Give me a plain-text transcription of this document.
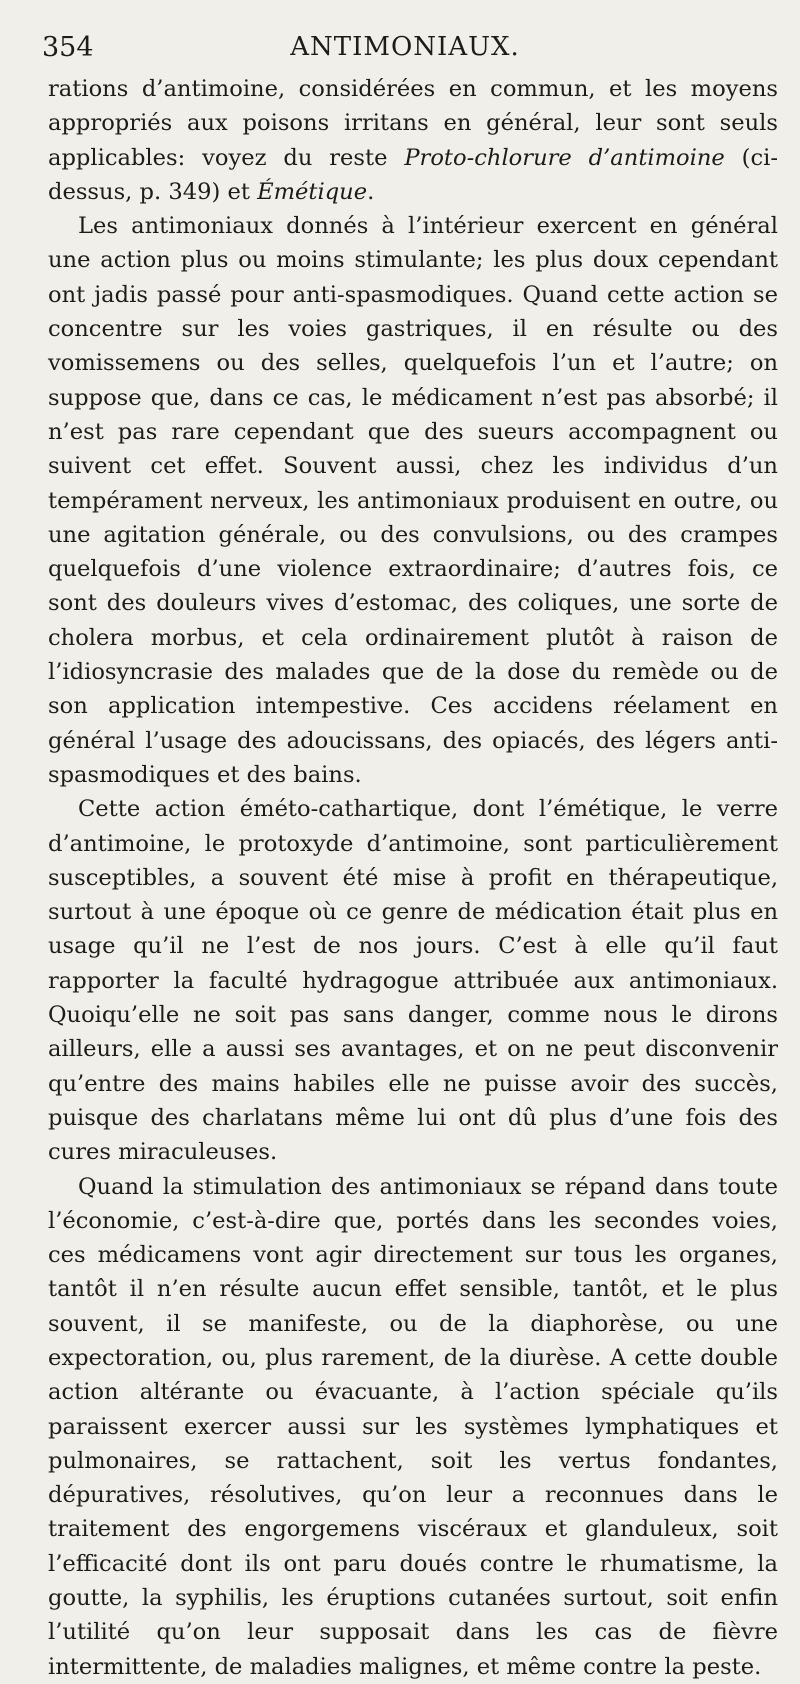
354	ANTIMONIAUX.

rations d’antimoine, considérées en commun, et les moyens appropriés aux poisons irritans en général, leur sont seuls applicables: voyez du reste Proto-chlorure d’antimoine (ci-dessus, p. 349) et Émétique.

Les antimoniaux donnés à l’intérieur exercent en général une action plus ou moins stimulante; les plus doux cependant ont jadis passé pour anti-spasmodiques. Quand cette action se concentre sur les voies gastriques, il en résulte ou des vomissemens ou des selles, quelquefois l’un et l’autre; on suppose que, dans ce cas, le médicament n’est pas absorbé; il n’est pas rare cependant que des sueurs accompagnent ou suivent cet effet. Souvent aussi, chez les individus d’un tempérament nerveux, les antimoniaux produisent en outre, ou une agitation générale, ou des convulsions, ou des crampes quelquefois d’une violence extraordinaire; d’autres fois, ce sont des douleurs vives d’estomac, des coliques, une sorte de cholera morbus, et cela ordinairement plutôt à raison de l’idiosyncrasie des malades que de la dose du remède ou de son application intempestive. Ces accidens réelament en général l’usage des adoucissans, des opiacés, des légers anti-spasmodiques et des bains.

Cette action éméto-cathartique, dont l’émétique, le verre d’antimoine, le protoxyde d’antimoine, sont particulièrement susceptibles, a souvent été mise à profit en thérapeutique, surtout à une époque où ce genre de médication était plus en usage qu’il ne l’est de nos jours. C’est à elle qu’il faut rapporter la faculté hydragogue attribuée aux antimoniaux. Quoiqu’elle ne soit pas sans danger, comme nous le dirons ailleurs, elle a aussi ses avantages, et on ne peut disconvenir qu’entre des mains habiles elle ne puisse avoir des succès, puisque des charlatans même lui ont dû plus d’une fois des cures miraculeuses.

Quand la stimulation des antimoniaux se répand dans toute l’économie, c’est-à-dire que, portés dans les secondes voies, ces médicamens vont agir directement sur tous les organes, tantôt il n’en résulte aucun effet sensible, tantôt, et le plus souvent, il se manifeste, ou de la diaphorèse, ou une expectoration, ou, plus rarement, de la diurèse. A cette double action altérante ou évacuante, à l’action spéciale qu’ils paraissent exercer aussi sur les systèmes lymphatiques et pulmonaires, se rattachent, soit les vertus fondantes, dépuratives, résolutives, qu’on leur a reconnues dans le traitement des engorgemens viscéraux et glanduleux, soit l’efficacité dont ils ont paru doués contre le rhumatisme, la goutte, la syphilis, les éruptions cutanées surtout, soit enfin l’utilité qu’on leur supposait dans les cas de fièvre intermittente, de maladies malignes, et même contre la peste.
